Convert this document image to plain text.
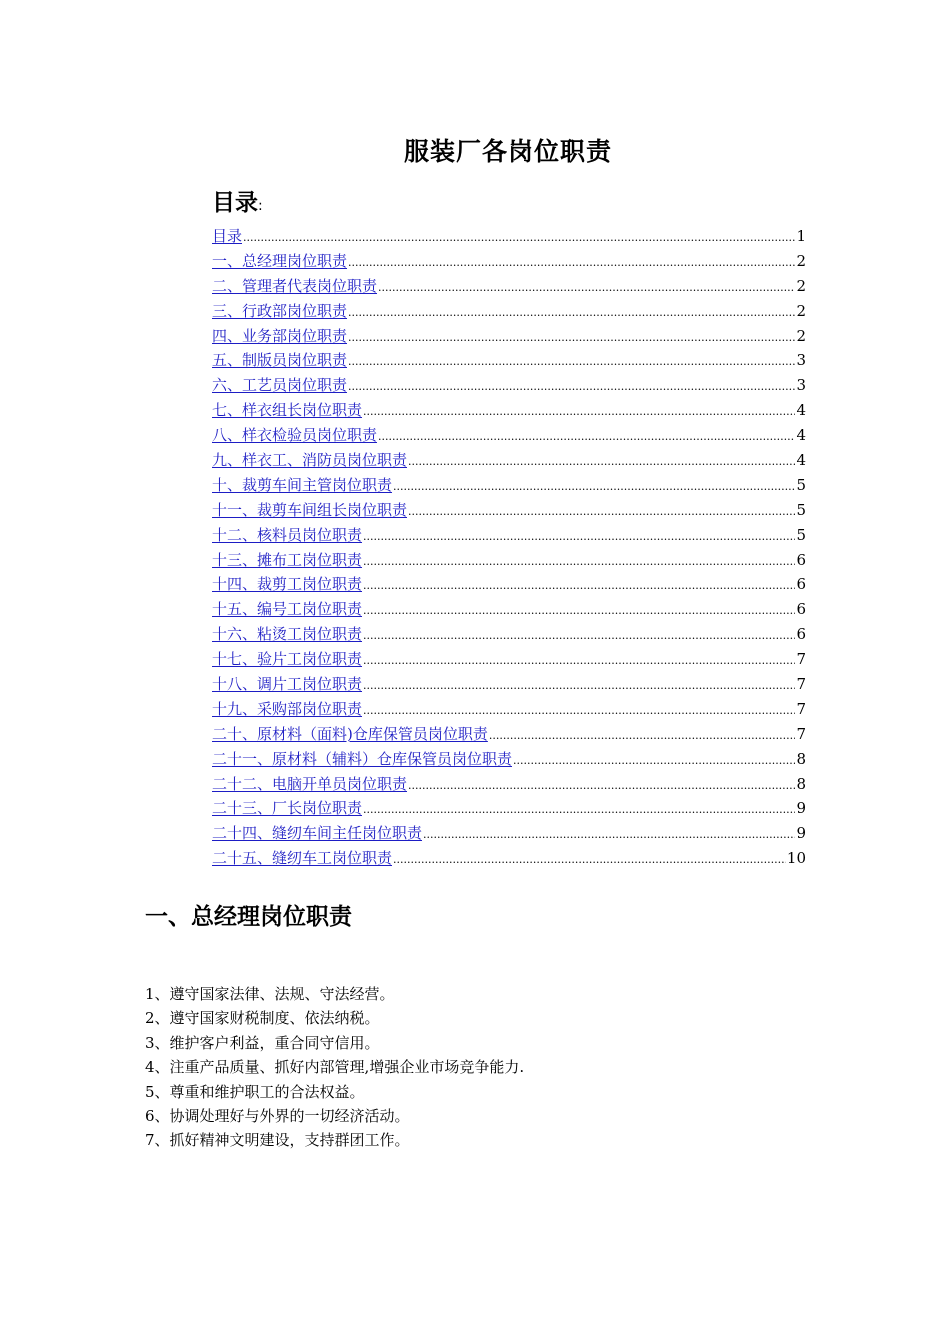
服装厂各岗位职责
目录:
目录 .....	1
一、总经理岗位职责 .....	2
二、管理者代表岗位职责 .....	2
三、行政部岗位职责 .....	2
四、业务部岗位职责 .....	2
五、制版员岗位职责 .....	3
六、工艺员岗位职责 .....	3
七、样衣组长岗位职责 .....	4
八、样衣检验员岗位职责 .....	4
九、样衣工、消防员岗位职责 .....	4
十、裁剪车间主管岗位职责 .....	5
十一、裁剪车间组长岗位职责 .....	5
十二、核料员岗位职责 .....	5
十三、摊布工岗位职责 .....	6
十四、裁剪工岗位职责 .....	6
十五、编号工岗位职责 .....	6
十六、粘烫工岗位职责 .....	6
十七、验片工岗位职责 .....	7
十八、调片工岗位职责 .....	7
十九、采购部岗位职责 .....	7
二十、原材料（面料)仓库保管员岗位职责 .....	7
二十一、原材料（辅料）仓库保管员岗位职责 .....	8
二十二、电脑开单员岗位职责 .....	8
二十三、厂长岗位职责 .....	9
二十四、缝纫车间主任岗位职责 .....	9
二十五、缝纫车工岗位职责 .....	10
一、总经理岗位职责
1、遵守国家法律、法规、守法经营。
2、遵守国家财税制度、依法纳税。
3、维护客户利益，重合同守信用。
4、注重产品质量、抓好内部管理,增强企业市场竞争能力.
5、尊重和维护职工的合法权益。
6、协调处理好与外界的一切经济活动。
7、抓好精神文明建设，支持群团工作。
